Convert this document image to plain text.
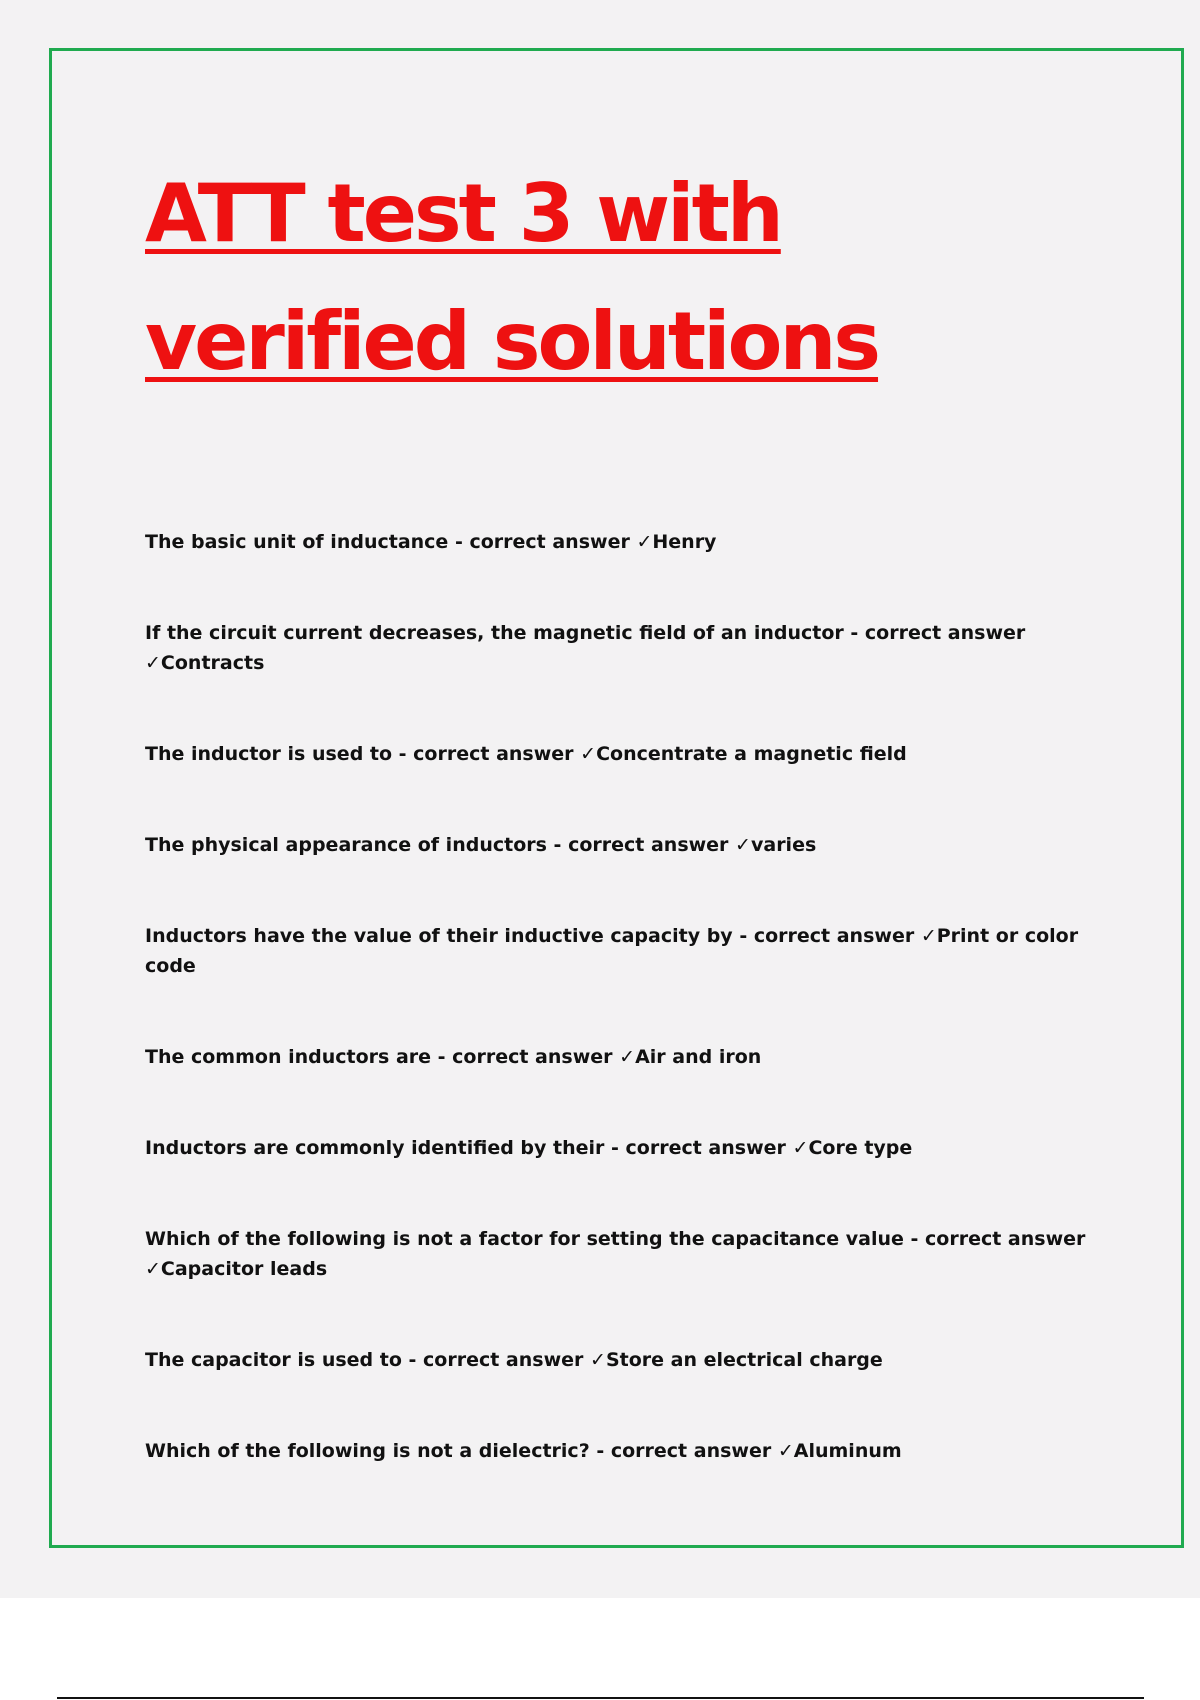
ATT test 3 with verified solutions
The basic unit of inductance - correct answer ✓Henry
If the circuit current decreases, the magnetic field of an inductor - correct answer ✓Contracts
The inductor is used to - correct answer ✓Concentrate a magnetic field
The physical appearance of inductors - correct answer ✓varies
Inductors have the value of their inductive capacity by - correct answer ✓Print or color code
The common inductors are - correct answer ✓Air and iron
Inductors are commonly identified by their - correct answer ✓Core type
Which of the following is not a factor for setting the capacitance value - correct answer ✓Capacitor leads
The capacitor is used to - correct answer ✓Store an electrical charge
Which of the following is not a dielectric? - correct answer ✓Aluminum
